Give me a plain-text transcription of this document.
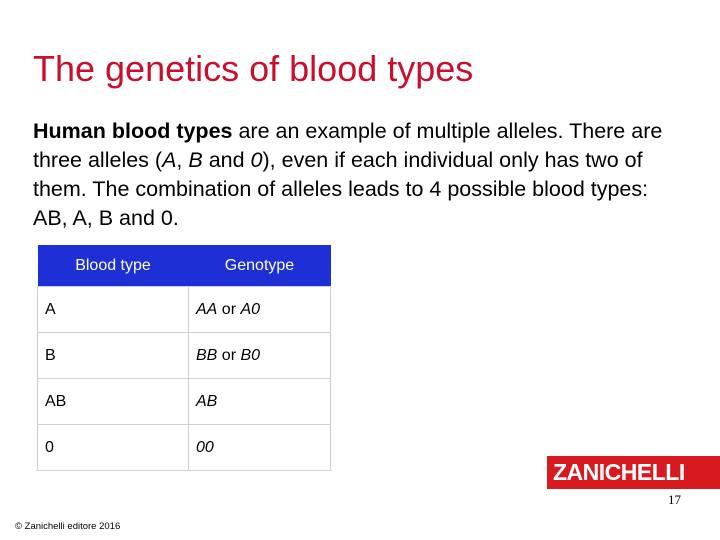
The genetics of blood types
Human blood types are an example of multiple alleles. There are three alleles (A, B and 0), even if each individual only has two of them. The combination of alleles leads to 4 possible blood types: AB, A, B and 0.
Blood type	Genotype
A	AA or A0
B	BB or B0
AB	AB
0	00
ZANICHELLI
17
© Zanichelli editore 2016
